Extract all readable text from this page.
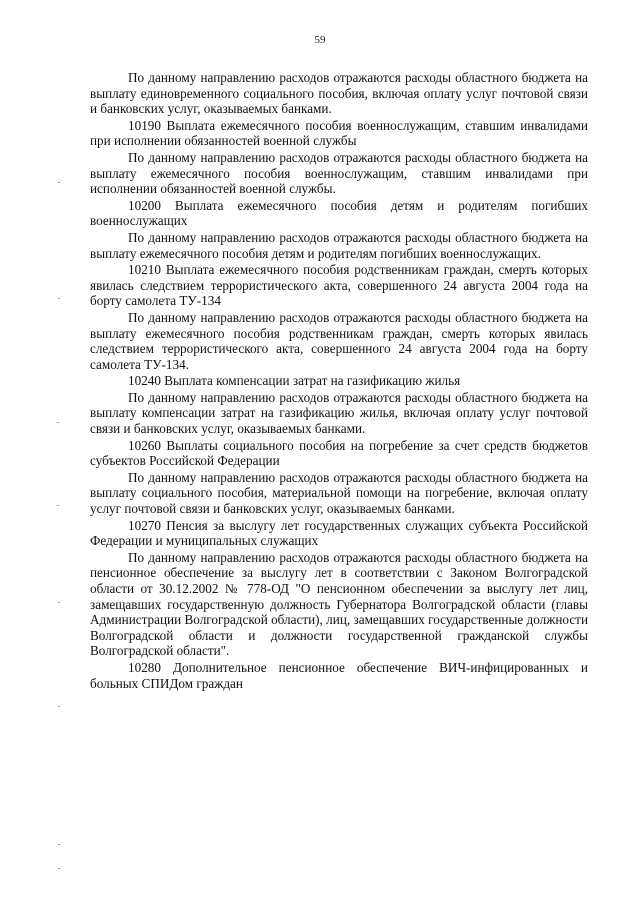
59

По данному направлению расходов отражаются расходы областного бюджета на выплату единовременного социального пособия, включая оплату услуг почтовой связи и банковских услуг, оказываемых банками.

10190 Выплата ежемесячного пособия военнослужащим, ставшим инвалидами при исполнении обязанностей военной службы

По данному направлению расходов отражаются расходы областного бюджета на выплату ежемесячного пособия военнослужащим, ставшим инвалидами при исполнении обязанностей военной службы.

10200 Выплата ежемесячного пособия детям и родителям погибших военнослужащих

По данному направлению расходов отражаются расходы областного бюджета на выплату ежемесячного пособия детям и родителям погибших военнослужащих.

10210 Выплата ежемесячного пособия родственникам граждан, смерть которых явилась следствием террористического акта, совершенного 24 августа 2004 года на борту самолета ТУ-134

По данному направлению расходов отражаются расходы областного бюджета на выплату ежемесячного пособия родственникам граждан, смерть которых явилась следствием террористического акта, совершенного 24 августа 2004 года на борту самолета ТУ-134.

10240 Выплата компенсации затрат на газификацию жилья

По данному направлению расходов отражаются расходы областного бюджета на выплату компенсации затрат на газификацию жилья, включая оплату услуг почтовой связи и банковских услуг, оказываемых банками.

10260 Выплаты социального пособия на погребение за счет средств бюджетов субъектов Российской Федерации

По данному направлению расходов отражаются расходы областного бюджета на выплату социального пособия, материальной помощи на погребение, включая оплату услуг почтовой связи и банковских услуг, оказываемых банками.

10270 Пенсия за выслугу лет государственных служащих субъекта Российской Федерации и муниципальных служащих

По данному направлению расходов отражаются расходы областного бюджета на пенсионное обеспечение за выслугу лет в соответствии с Законом Волгоградской области от 30.12.2002 № 778-ОД "О пенсионном обеспечении за выслугу лет лиц, замещавших государственную должность Губернатора Волгоградской области (главы Администрации Волгоградской области), лиц, замещавших государственные должности Волгоградской области и должности государственной гражданской службы Волгоградской области".

10280 Дополнительное пенсионное обеспечение ВИЧ-инфицированных и больных СПИДом граждан
